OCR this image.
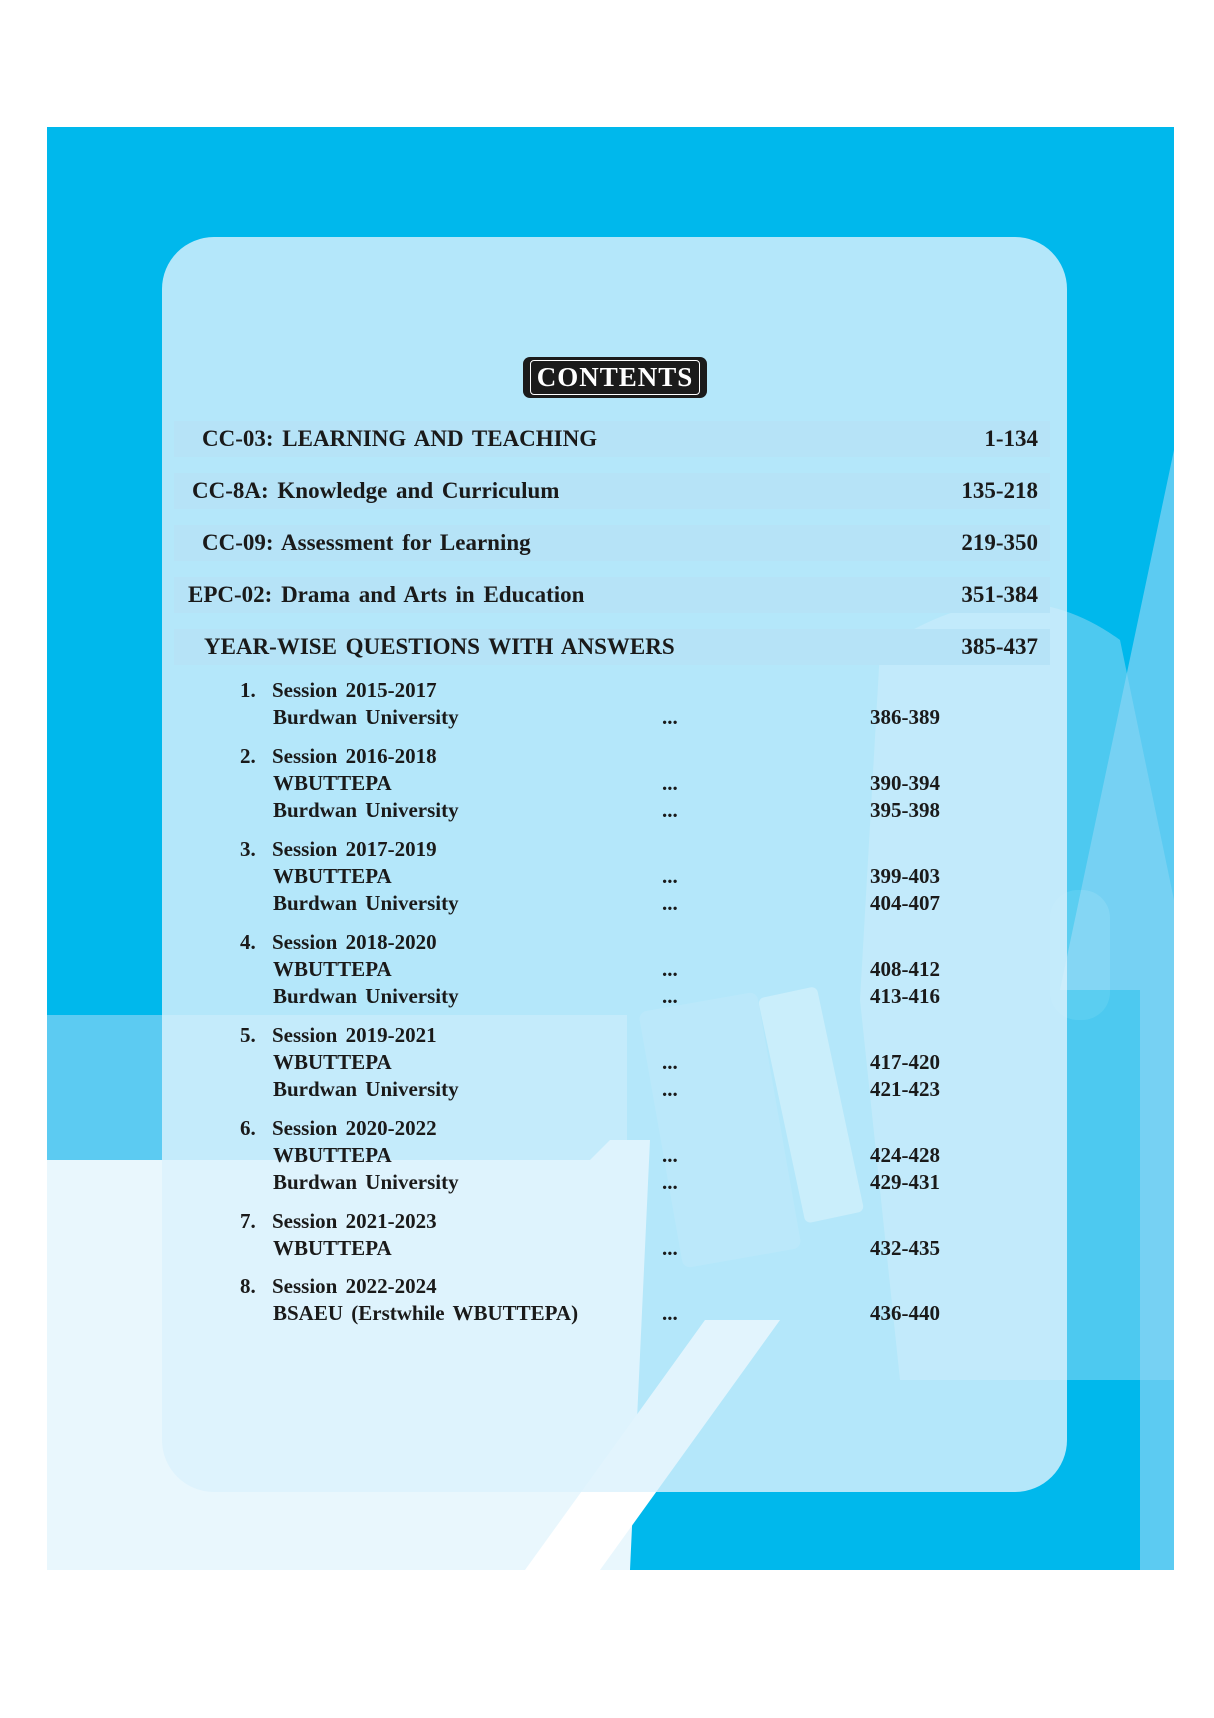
CONTENTS
CC-03: LEARNING AND TEACHING	1-134
CC-8A: Knowledge and Curriculum	135-218
CC-09: Assessment for Learning	219-350
EPC-02: Drama and Arts in Education	351-384
YEAR-WISE QUESTIONS WITH ANSWERS	385-437
1. Session 2015-2017
Burdwan University	...	386-389
2. Session 2016-2018
WBUTTEPA	...	390-394
Burdwan University	...	395-398
3. Session 2017-2019
WBUTTEPA	...	399-403
Burdwan University	...	404-407
4. Session 2018-2020
WBUTTEPA	...	408-412
Burdwan University	...	413-416
5. Session 2019-2021
WBUTTEPA	...	417-420
Burdwan University	...	421-423
6. Session 2020-2022
WBUTTEPA	...	424-428
Burdwan University	...	429-431
7. Session 2021-2023
WBUTTEPA	...	432-435
8. Session 2022-2024
BSAEU (Erstwhile WBUTTEPA)	...	436-440
